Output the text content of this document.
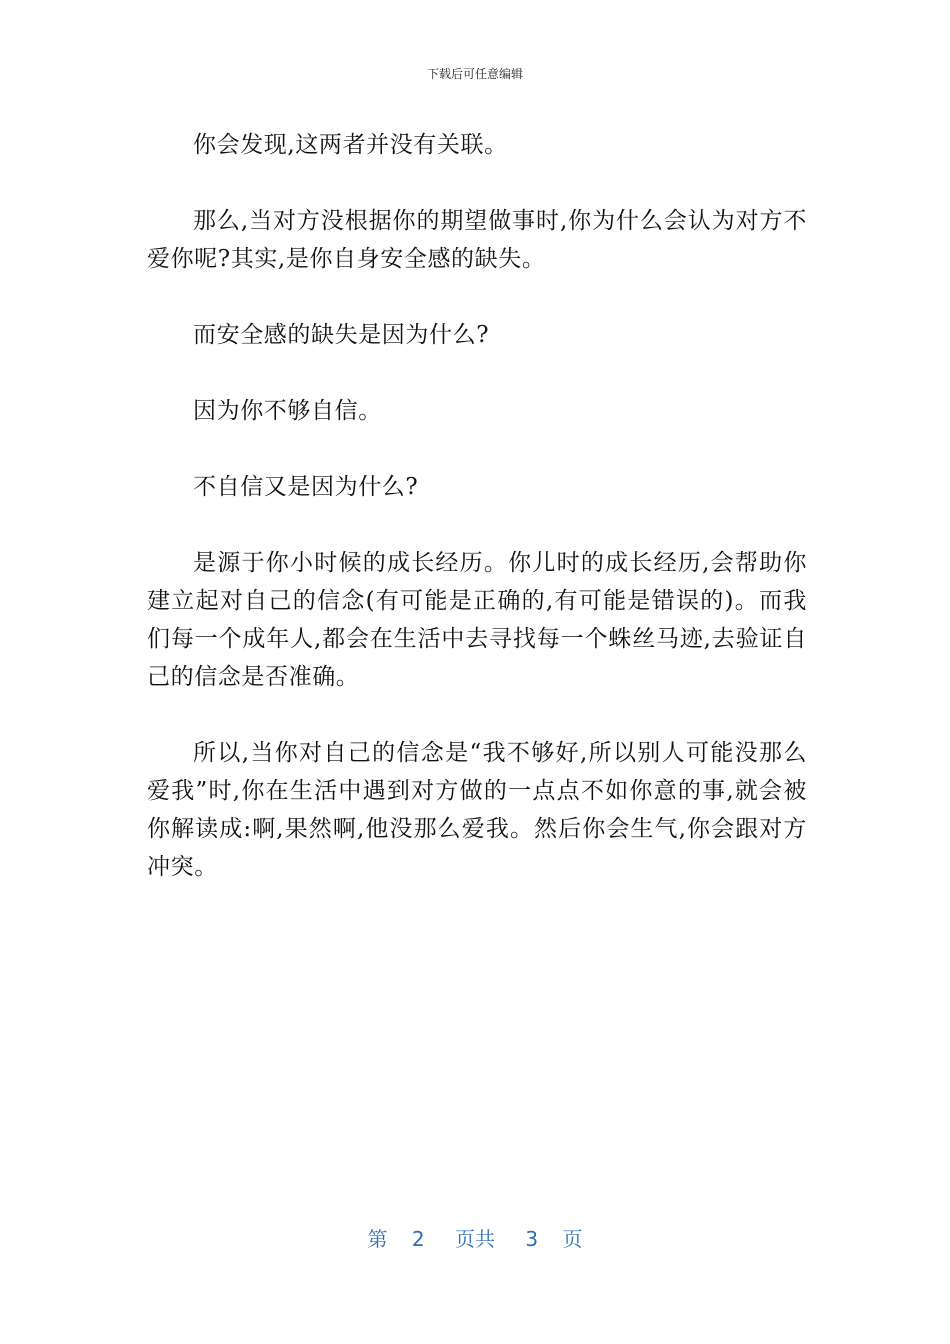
下载后可任意编辑

你会发现,这两者并没有关联。

那么,当对方没根据你的期望做事时,你为什么会认为对方不爱你呢?其实,是你自身安全感的缺失。

而安全感的缺失是因为什么?

因为你不够自信。

不自信又是因为什么?

是源于你小时候的成长经历。你儿时的成长经历,会帮助你建立起对自己的信念(有可能是正确的,有可能是错误的)。而我们每一个成年人,都会在生活中去寻找每一个蛛丝马迹,去验证自己的信念是否准确。

所以,当你对自己的信念是“我不够好,所以别人可能没那么爱我”时,你在生活中遇到对方做的一点点不如你意的事,就会被你解读成:啊,果然啊,他没那么爱我。然后你会生气,你会跟对方冲突。

第 2 页共 3 页
